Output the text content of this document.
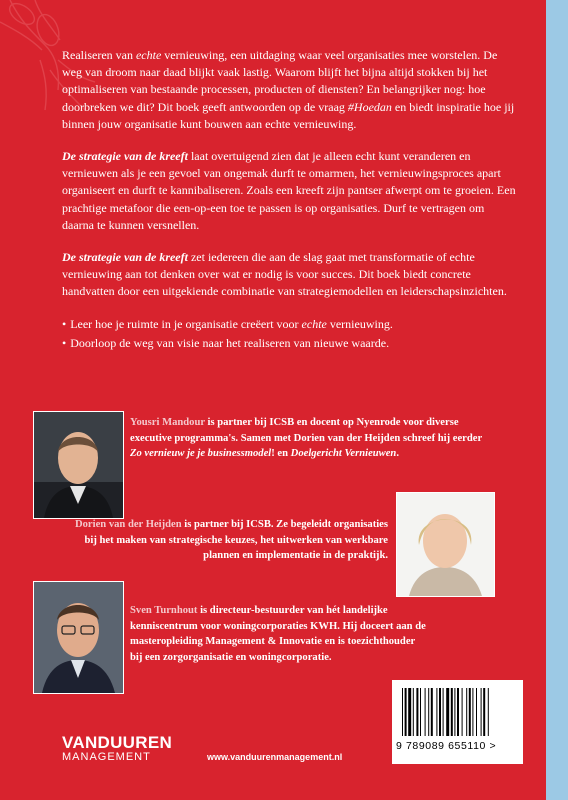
Realiseren van echte vernieuwing, een uitdaging waar veel organisaties mee worstelen. De weg van droom naar daad blijkt vaak lastig. Waarom blijft het bijna altijd stokken bij het optimaliseren van bestaande processen, producten of diensten? En belangrijker nog: hoe doorbreken we dit? Dit boek geeft antwoorden op de vraag #Hoedan en biedt inspiratie hoe jij binnen jouw organisatie kunt bouwen aan echte vernieuwing.

De strategie van de kreeft laat overtuigend zien dat je alleen echt kunt veranderen en vernieuwen als je een gevoel van ongemak durft te omarmen, het vernieuwingsproces apart organiseert en durft te kannibaliseren. Zoals een kreeft zijn pantser afwerpt om te groeien. Een prachtige metafoor die een-op-een toe te passen is op organisaties. Durf te vertragen om daarna te kunnen versnellen.

De strategie van de kreeft zet iedereen die aan de slag gaat met transformatie of echte vernieuwing aan tot denken over wat er nodig is voor succes. Dit boek biedt concrete handvatten door een uitgekiende combinatie van strategiemodellen en leiderschapsinzichten.

• Leer hoe je ruimte in je organisatie creëert voor echte vernieuwing.
• Doorloop de weg van visie naar het realiseren van nieuwe waarde.
Yousri Mandour is partner bij ICSB en docent op Nyenrode voor diverse executive programma's. Samen met Dorien van der Heijden schreef hij eerder Zo vernieuw je je businessmodel! en Doelgericht Vernieuwen.
Dorien van der Heijden is partner bij ICSB. Ze begeleidt organisaties bij het maken van strategische keuzes, het uitwerken van werkbare plannen en implementatie in de praktijk.
Sven Turnhout is directeur-bestuurder van hét landelijke kenniscentrum voor woningcorporaties KWH. Hij doceert aan de masteropleiding Management & Innovatie en is toezichthouder bij een zorgorganisatie en woningcorporatie.
VANDUUREN
MANAGEMENT	www.vanduurenmanagement.nl
9 789089 655110 >
